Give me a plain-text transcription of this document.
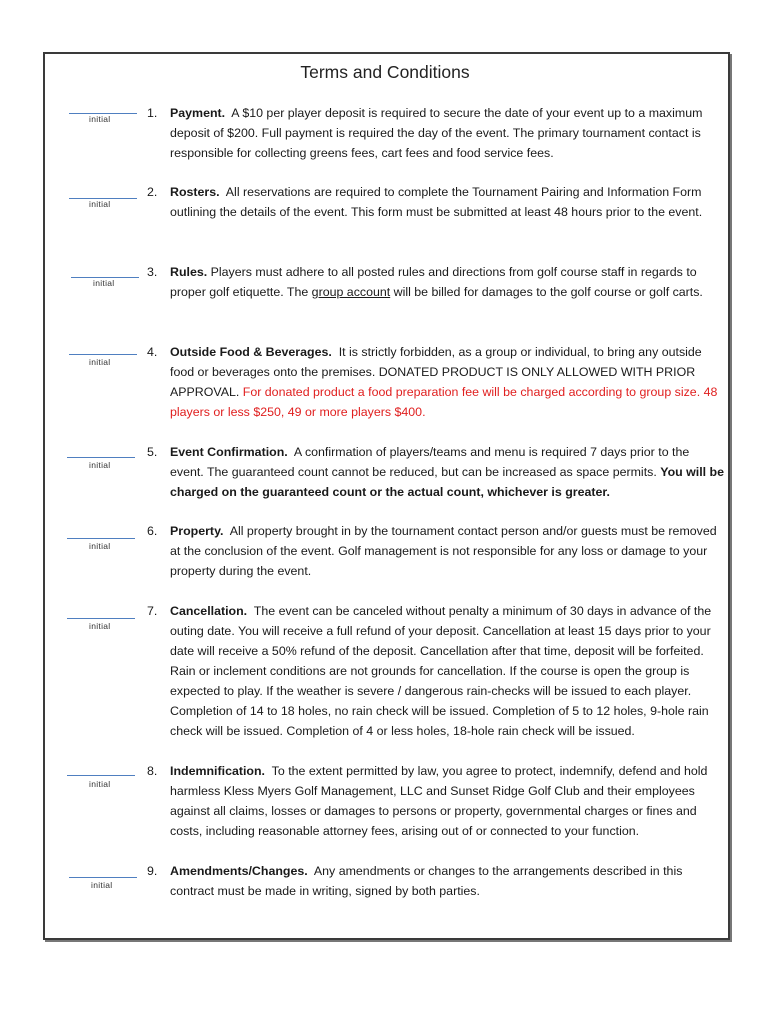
Terms and Conditions
initial	1. Payment. A $10 per player deposit is required to secure the date of your event up to a maximum deposit of $200. Full payment is required the day of the event. The primary tournament contact is responsible for collecting greens fees, cart fees and food service fees.
initial
2. Rosters. All reservations are required to complete the Tournament Pairing and Information Form outlining the details of the event. This form must be submitted at least 48 hours prior to the event.
initial
3. Rules. Players must adhere to all posted rules and directions from golf course staff in regards to proper golf etiquette. The group account will be billed for damages to the golf course or golf carts.
initial
4. Outside Food & Beverages. It is strictly forbidden, as a group or individual, to bring any outside food or beverages onto the premises. DONATED PRODUCT IS ONLY ALLOWED WITH PRIOR APPROVAL. For donated product a food preparation fee will be charged according to group size. 48 players or less $250, 49 or more players $400.
initial
5. Event Confirmation. A confirmation of players/teams and menu is required 7 days prior to the event. The guaranteed count cannot be reduced, but can be increased as space permits. You will be charged on the guaranteed count or the actual count, whichever is greater.
initial
6. Property. All property brought in by the tournament contact person and/or guests must be removed at the conclusion of the event. Golf management is not responsible for any loss or damage to your property during the event.
initial
7. Cancellation. The event can be canceled without penalty a minimum of 30 days in advance of the outing date. You will receive a full refund of your deposit. Cancellation at least 15 days prior to your date will receive a 50% refund of the deposit. Cancellation after that time, deposit will be forfeited. Rain or inclement conditions are not grounds for cancellation. If the course is open the group is expected to play. If the weather is severe / dangerous rain-checks will be issued to each player. Completion of 14 to 18 holes, no rain check will be issued. Completion of 5 to 12 holes, 9-hole rain check will be issued. Completion of 4 or less holes, 18-hole rain check will be issued.
initial
8. Indemnification. To the extent permitted by law, you agree to protect, indemnify, defend and hold harmless Kless Myers Golf Management, LLC and Sunset Ridge Golf Club and their employees against all claims, losses or damages to persons or property, governmental charges or fines and costs, including reasonable attorney fees, arising out of or connected to your function.
initial
9. Amendments/Changes. Any amendments or changes to the arrangements described in this contract must be made in writing, signed by both parties.
